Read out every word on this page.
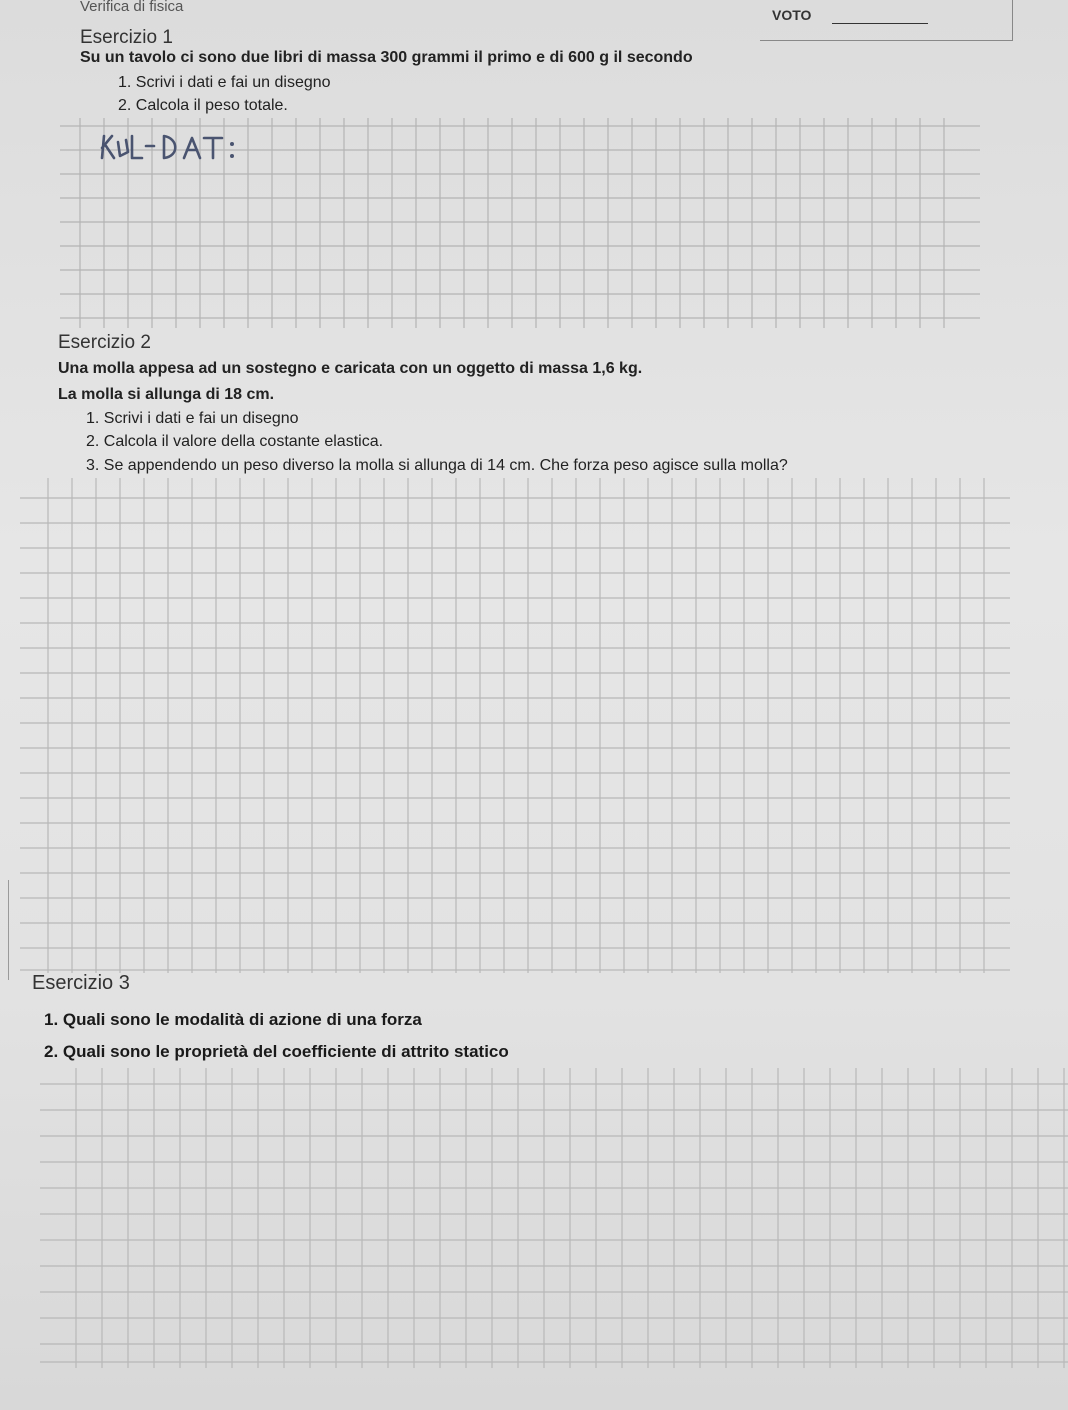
Verifica di fisica	VOTO
Esercizio 1
Su un tavolo ci sono due libri di massa 300 grammi il primo e di 600 g il secondo
1. Scrivi i dati e fai un disegno
2. Calcola il peso totale.
Esercizio 2
Una molla appesa ad un sostegno e caricata con un oggetto di massa 1,6 kg.
La molla si allunga di 18 cm.
1. Scrivi i dati e fai un disegno
2. Calcola il valore della costante elastica.
3. Se appendendo un peso diverso la molla si allunga di 14 cm. Che forza peso agisce sulla molla?
Esercizio 3
1. Quali sono le modalità di azione di una forza
2. Quali sono le proprietà del coefficiente di attrito statico
